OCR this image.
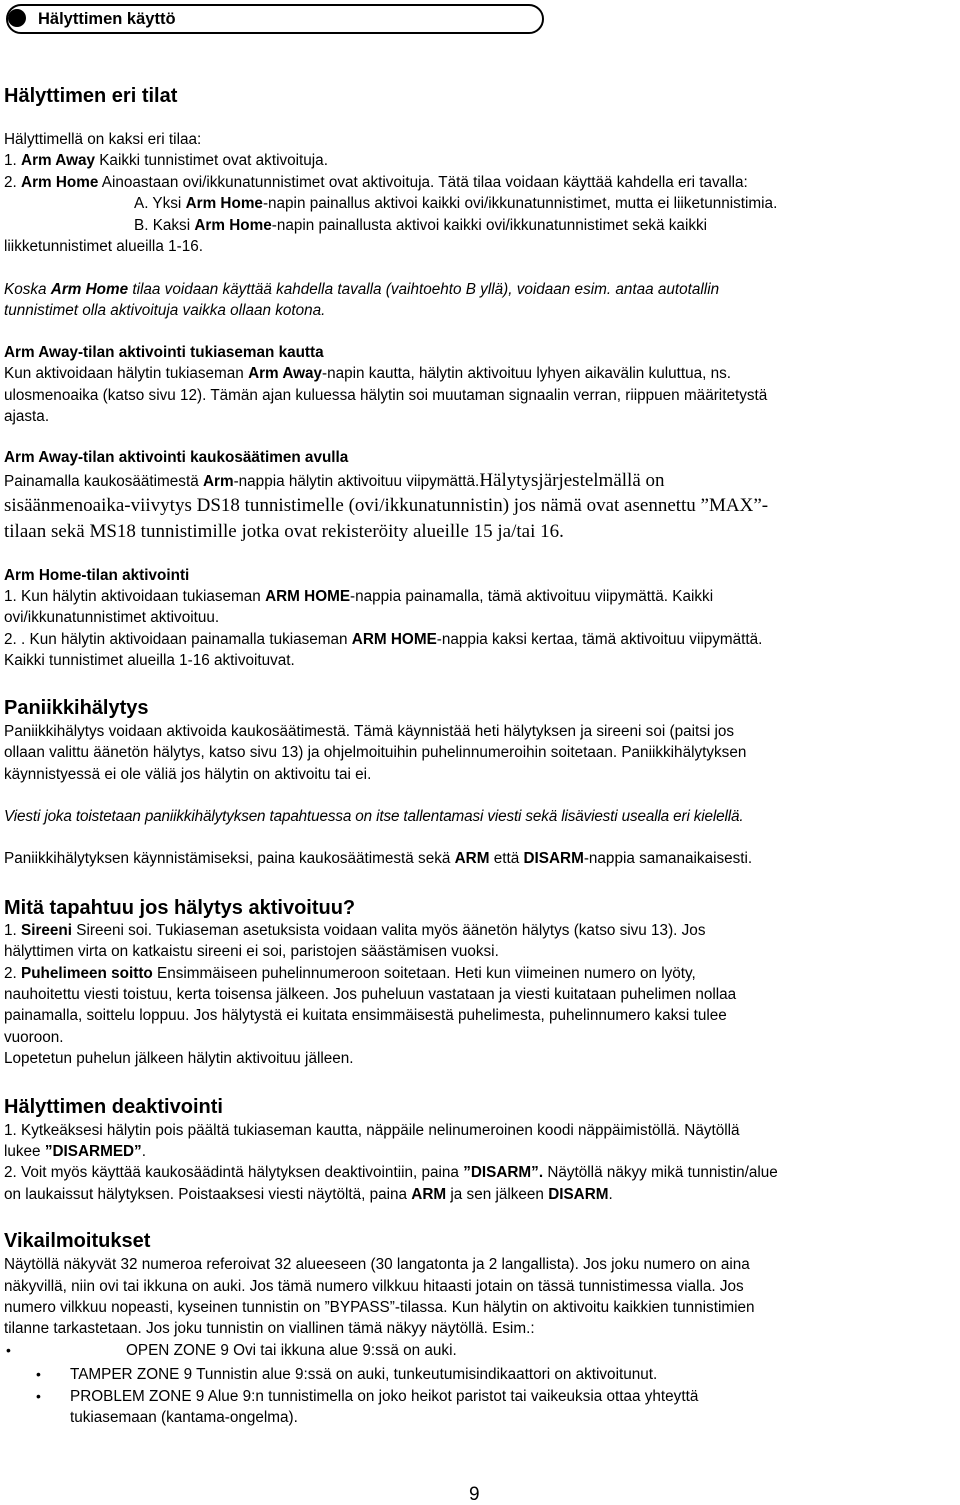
Hälyttimen käyttö
Hälyttimen eri tilat
Hälyttimellä on kaksi eri tilaa:
1. Arm Away Kaikki tunnistimet ovat aktivoituja.
2. Arm Home Ainoastaan ovi/ikkunatunnistimet ovat aktivoituja. Tätä tilaa voidaan käyttää kahdella eri tavalla:
A. Yksi Arm Home-napin painallus aktivoi kaikki ovi/ikkunatunnistimet, mutta ei liiketunnistimia.
B. Kaksi Arm Home-napin painallusta aktivoi kaikki ovi/ikkunatunnistimet sekä kaikki
liikketunnistimet alueilla 1-16.
Koska Arm Home tilaa voidaan käyttää kahdella tavalla (vaihtoehto B yllä), voidaan esim. antaa autotallin
tunnistimet olla aktivoituja vaikka ollaan kotona.
Arm Away-tilan aktivointi tukiaseman kautta
Kun aktivoidaan hälytin tukiaseman Arm Away-napin kautta, hälytin aktivoituu lyhyen aikavälin kuluttua, ns.
ulosmenoaika (katso sivu 12). Tämän ajan kuluessa hälytin soi muutaman signaalin verran, riippuen määritetystä
ajasta.
Arm Away-tilan aktivointi kaukosäätimen avulla
Painamalla kaukosäätimestä Arm-nappia hälytin aktivoituu viipymättä.Hälytysjärjestelmällä on
sisäänmenoaika-viivytys DS18 tunnistimelle (ovi/ikkunatunnistin) jos nämä ovat asennettu ”MAX”-
tilaan sekä MS18 tunnistimille jotka ovat rekisteröity alueille 15 ja/tai 16.
Arm Home-tilan aktivointi
1. Kun hälytin aktivoidaan tukiaseman ARM HOME-nappia painamalla, tämä aktivoituu viipymättä. Kaikki
ovi/ikkunatunnistimet aktivoituu.
2. . Kun hälytin aktivoidaan painamalla tukiaseman ARM HOME-nappia kaksi kertaa, tämä aktivoituu viipymättä.
Kaikki tunnistimet alueilla 1-16 aktivoituvat.
Paniikkihälytys
Paniikkihälytys voidaan aktivoida kaukosäätimestä. Tämä käynnistää heti hälytyksen ja sireeni soi (paitsi jos
ollaan valittu äänetön hälytys, katso sivu 13) ja ohjelmoituihin puhelinnumeroihin soitetaan. Paniikkihälytyksen
käynnistyessä ei ole väliä jos hälytin on aktivoitu tai ei.
Viesti joka toistetaan paniikkihälytyksen tapahtuessa on itse tallentamasi viesti sekä lisäviesti usealla eri kielellä.
Paniikkihälytyksen käynnistämiseksi, paina kaukosäätimestä sekä ARM että DISARM-nappia samanaikaisesti.
Mitä tapahtuu jos hälytys aktivoituu?
1. Sireeni Sireeni soi. Tukiaseman asetuksista voidaan valita myös äänetön hälytys (katso sivu 13). Jos
hälyttimen virta on katkaistu sireeni ei soi, paristojen säästämisen vuoksi.
2. Puhelimeen soitto Ensimmäiseen puhelinnumeroon soitetaan. Heti kun viimeinen numero on lyöty,
nauhoitettu viesti toistuu, kerta toisensa jälkeen. Jos puheluun vastataan ja viesti kuitataan puhelimen nollaa
painamalla, soittelu loppuu. Jos hälytystä ei kuitata ensimmäisestä puhelimesta, puhelinnumero kaksi tulee
vuoroon.
Lopetetun puhelun jälkeen hälytin aktivoituu jälleen.
Hälyttimen deaktivointi
1. Kytkeäksesi hälytin pois päältä tukiaseman kautta, näppäile nelinumeroinen koodi näppäimistöllä. Näytöllä
lukee ”DISARMED”.
2. Voit myös käyttää kaukosäädintä hälytyksen deaktivointiin, paina ”DISARM”. Näytöllä näkyy mikä tunnistin/alue
on laukaissut hälytyksen. Poistaaksesi viesti näytöltä, paina ARM ja sen jälkeen DISARM.
Vikailmoitukset
Näytöllä näkyvät 32 numeroa referoivat 32 alueeseen (30 langatonta ja 2 langallista). Jos joku numero on aina
näkyvillä, niin ovi tai ikkuna on auki. Jos tämä numero vilkkuu hitaasti jotain on tässä tunnistimessa vialla. Jos
numero vilkkuu nopeasti, kyseinen tunnistin on ”BYPASS”-tilassa. Kun hälytin on aktivoitu kaikkien tunnistimien
tilanne tarkastetaan. Jos joku tunnistin on viallinen tämä näkyy näytöllä. Esim.:
•	OPEN ZONE 9 Ovi tai ikkuna alue 9:ssä on auki.
• TAMPER ZONE 9 Tunnistin alue 9:ssä on auki, tunkeutumisindikaattori on aktivoitunut.
• PROBLEM ZONE 9 Alue 9:n tunnistimella on joko heikot paristot tai vaikeuksia ottaa yhteyttä
tukiasemaan (kantama-ongelma).
9
